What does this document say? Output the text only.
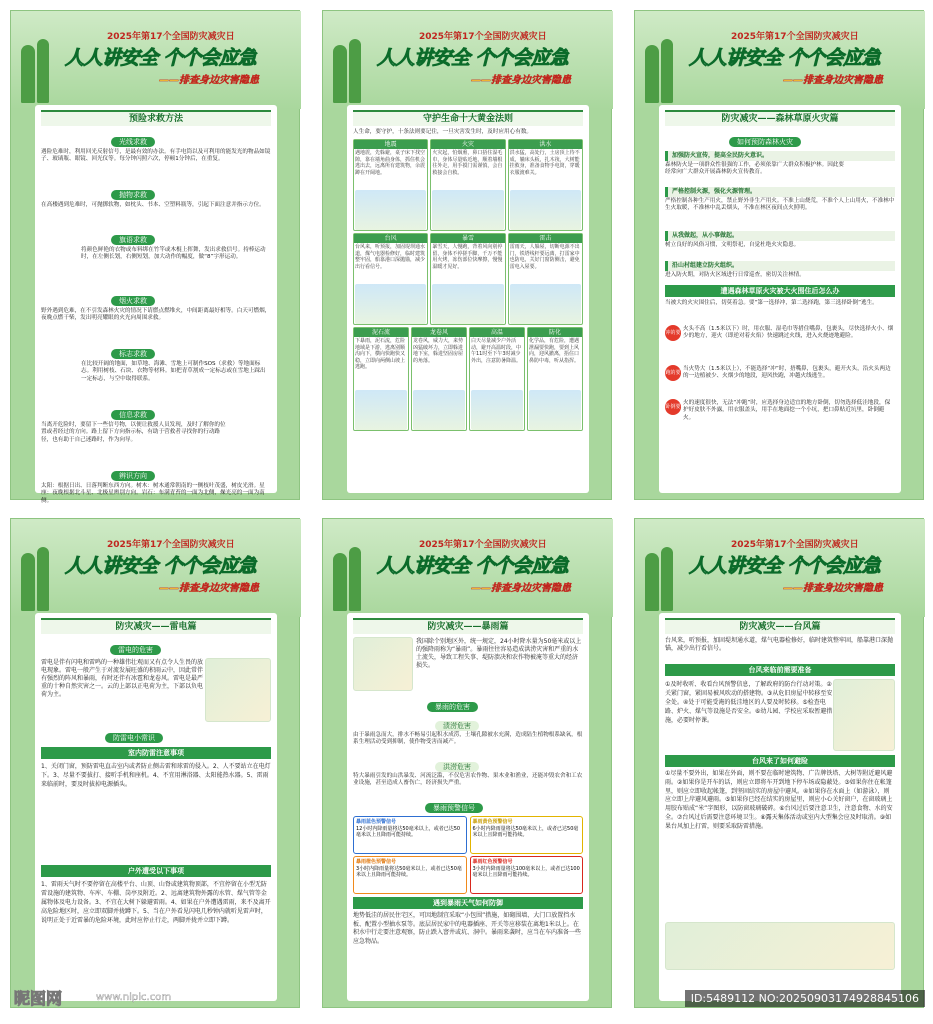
2025年第17个全国防灾减灾日
人人讲安全 个个会应急
——排查身边灾害隐患
预险求救方法
光线求救
遇险危难时，利用回光反射信号，是最有效的办法。有手电筒以及可利用的能发光的物品如镜子、玻璃瓶、眼镜、回光仪等。每分钟闪照六次，停顿1分钟后，在重复。
抛物求救
在高楼遇到危难时，可抛掷软物，如枕头、书本、空塑料瓶等，引起下面注意并指示方位。
旗语求救
将颜色鲜艳的衣物或布料绑在竹竿或木棍上挥舞，发出求救信号。持棒运动时，在左侧长划，右侧短划，加大动作的幅度，做“8”字形运动。
烟火求救
野外遇到危难，在不引发森林火灾的情况下请燃点燃堆火，中间距离最好相等。白天可燃烟，夜晚点燃干柴，发出明亮耀眼的火光向周围求救。
标志求救
在比较开阔的地面，如草地、海滩、雪地上可制作SOS（求救）等地面标志。利用树枝、石块、衣物等材料。如把青草割成一定标志或在雪地上踩出一定标志，与空中取得联系。
信息求救
当离开危险时，要留下一些信号物，以便让救援人员发现，及时了解你的位置或者经过的方向。路上留下方向指示标，有助于营救者寻找你的行动路径，也有助于自己迷路时，作为向导。
辨识方向
太阳：根据日出、日落判断东西方向。树木：树木通常朝南的一侧枝叶茂盛，树皮光滑。星座：夜晚根据北斗星、北极星辨别方向。岩石：布满青苔的一面为北侧，燥光亮的一面为南侧。
2025年第17个全国防灾减灾日
人人讲安全 个个会应急
——排查身边灾害隐患
守护生命十大黄金法则
人生命，要守护，十条法则要记住，一旦灾害发生时，及时应用心有数。
地震
遇地震，先躲避，桌子床下找空隙，靠在墙角曲身体，抓住机会逃出去，远离所有建筑物，余震蹲在开阔地。
火灾
火灾起，怕烟熏，鼻口捂住湿毛巾，身体尽量贴近地，顺着墙根往外走，用手摸门需谨慎，会自救接会自救。
洪水
洪水猛，高处行，土房顶上待不成，躺床头板，扎木筏，大树能挂救身，准备食物手电筒，穿暖衣服渡难关。
台风
台风来，听预报，加固堤坝通水道，煤气电器检修好，临时建筑整牢固，船靠港口深抛锚，减少出行看信号。
暴雪
暴雪天，人慢跑，背着风向别停留，身体不停搓手脚，千万不能用火烤，冻伤部位快摩擦，慢慢温暖才见好。
雷击
雷雨天，人躲屋，切断电源不出门，铁塔线杆要远离，打雷家中也防电，关好门窗防侧击，避免雷电入屋要。
泥石流
下暴雨，泥石流，危险地域是下游，逃离别顺沟向下，横向快跑快又稳，立即向两侧山坡上逃跑。
龙卷风
龙卷风，威力大，来势凶猛破坏力，立即躲进地下室，躲进坚固房屋的角落。
高温
白天尽量减少户外活动，避开高温时段，中午11时至下午3时减少外出，注意防暑降温。
防化
化学品，有危险，遭遇泄漏要快跑，要到上风向，迎风撤离，捂住口鼻防中毒，听从指挥。
2025年第17个全国防灾减灾日
人人讲安全 个个会应急
——排查身边灾害隐患
防灾减灾——森林草原火灾篇
如何预防森林火灾
加强防火宣传，提高全民防火意识。
森林防火是一项群众性很强的工作，必须依靠广大群众积极护林。因此要经常向广大群众开展森林防火宣传教育。
严格控制火源，强化火源管理。
严格控制各种生产用火，禁止野外非生产用火。不准上山烧荒，不准个人上山用火，不准林中生火取暖，不准林中乱丢烟头，不准在林区夜间点火照明。
从我做起，从小事做起。
树立良好的风俗习惯，文明祭祀，自觉杜绝火灾隐患。
沿山村组建立防火组织。
进入防火期，对防火区域进行日常巡查，密切关注林情。
遭遇森林草原火灾被大火围住后怎么办
当被大的火灾围住后，切莫着急。要“第一选择冲，第二选择跑，第三选择卧倒”逃生。
冲的要领
火头不高（1.5米以下）时，用衣服、湿毛巾等措住嘴鼻，包裹头，尽快选择火小、烟少的地方，迎火（即逆对着火焰）快速跳过火线，进入火烧迹地避险。
跑的要领
当火势大（1.5米以上），不能选择“冲”时，捂嘴鼻，包裹头，避开火头，沿火头两边的一边植被少、火烟少的地段，迎风快跑，冲越火线逃生。
卧倒要领
火的速度很快，无法“冲跑”时，应选择身边适宜的地方卧倒，切勿选择低洼地段，保护好皮肤不外露，用衣服盖头，用手在地面挖一个小坑，把口鼻贴近坑里，卧倒避火。
2025年第17个全国防灾减灾日
人人讲安全 个个会应急
——排查身边灾害隐患
防灾减灾——雷电篇
雷电的危害
雷电是伴有闪电和雷鸣的一种雄伟壮观而又有点令人生畏的放电现象。雷电一般产生于对流发展旺盛的积雨云中，因此常伴有强烈的阵风和暴雨，有时还伴有冰雹和龙卷风。雷电是最严重的十种自然灾害之一。云的上部以正电荷为主，下部以负电荷为主。
防雷电小常识
室内防雷注意事项
1、关闭门窗，预防雷电直击室内或者防止侧击雷和球雷的侵入。2、人不要站立在电灯下。3、尽量不要拔打、接听手机和座机。4、不宜用淋浴器、太阳能热水器。5、雷雨来临前时，要及时拔掉电源插头。
户外遭受以下事项
1、雷雨天气时不要停留在高楼平台、山顶、山脊或建筑物顶部，不宜停留在小型无防雷设施的建筑物、车库、车棚、岗亭及附近。2、远离建筑物外露的水管、煤气管等金属物体及电力设备。3、不宜在大树下躲避雷雨。4、如果在户外遭遇雷雨，来不及离开高危险地区时，应立即双脚并拢蹲下。5、当在户外看见闪电几秒钟内就听见雷声时，说明正处于近雷暴的危险环境，此时应停止行走，两脚并拢并立即下蹲。
2025年第17个全国防灾减灾日
人人讲安全 个个会应急
——排查身边灾害隐患
防灾减灾——暴雨篇
我国除个别地区外，统一规定，24小时降水量为50毫米或以上的强降雨称为“暴雨”。暴雨往往容易造成洪涝灾害和严重的水土流失，导致工程失事、堤防溃决和农作物被淹等重大的经济损失。
暴雨的危害 渍涝危害
由于暴雨急而大，排水不畅易引起积水成涝，土壤孔隙被水充满，造成陆生植物根系缺氧，根系生理活动受到抑制，使作物受害而减产。
洪涝危害
特大暴雨引发的山洪暴发、河流泛滥，不仅危害农作物、果木业和渔业，还能冲毁农舍和工农业设施，甚至造成人畜伤亡，经济损失严重。
暴雨预警信号
暴雨蓝色预警信号
12小时内降雨量将达50毫米以上，或者已达50毫米以上且降雨可能持续。
暴雨黄色预警信号
6小时内降雨量将达50毫米以上，或者已达50毫米以上且降雨可能持续。
暴雨橙色预警信号
3小时内降雨量将达50毫米以上，或者已达50毫米以上且降雨可能持续。
暴雨红色预警信号
3小时内降雨量将达100毫米以上，或者已达100毫米以上且降雨可能持续。
遇到暴雨天气如何防御
地势低洼的居民住宅区，可因地制宜采取“小包围”措施，如砌围墙、大门口放置挡水板、配置小型抽水泵等。底层居民家中的电器插座、开关等应移装在离地1米以上。在积水中行走要注意观察，防止跌入窨井或坑、洞中。暴雨来袭时，应当在车内准备一些应急物品。
2025年第17个全国防灾减灾日
人人讲安全 个个会应急
——排查身边灾害隐患
防灾减灾——台风篇
台风来，听预报，加固堤坝通水道，煤气电器检修好，临时建筑整牢固，船靠港口深抛锚，减少出行看信号。
台风来临前需要准备
①及时收听、收看台风预警信息，了解政府的防台行动对策。②关紧门窗，紧固易被风吹动的搭建物。③从危旧房屋中转移至安全处。④处于可能受淹的低洼地区的人要及时转移。⑤检查电路、炉火、煤气等设施是否安全。⑥幼儿园、学校应采取暂避措施，必要时停课。
台风来了如何避险
①尽量不要外出，如果在外面，则不要在临时建筑物、广告牌铁塔、大树等附近避风避雨。②如果你是开车的话，则应立即将车开到地下停车场或隐蔽处。③如果你住在帐篷里，则应立即收起帐篷，到坚固结实的房屋中避风。④如果你在水面上（如游泳），则应立即上岸避风避雨。⑤如果你已经在结实的房屋里，则应小心关好窗户，在窗玻璃上用胶布贴成“米”字图形，以防窗玻璃破碎。⑥台风过后要注意卫生，注意食物、水的安全。⑦台风过后需要注意环境卫生。⑧露天集体活动或室内大型集会应及时取消。⑨如果台风加上打雷，则要采取防雷措施。
昵图网	www.nipic.com	ID:5489112 NO:20250903174928845106
